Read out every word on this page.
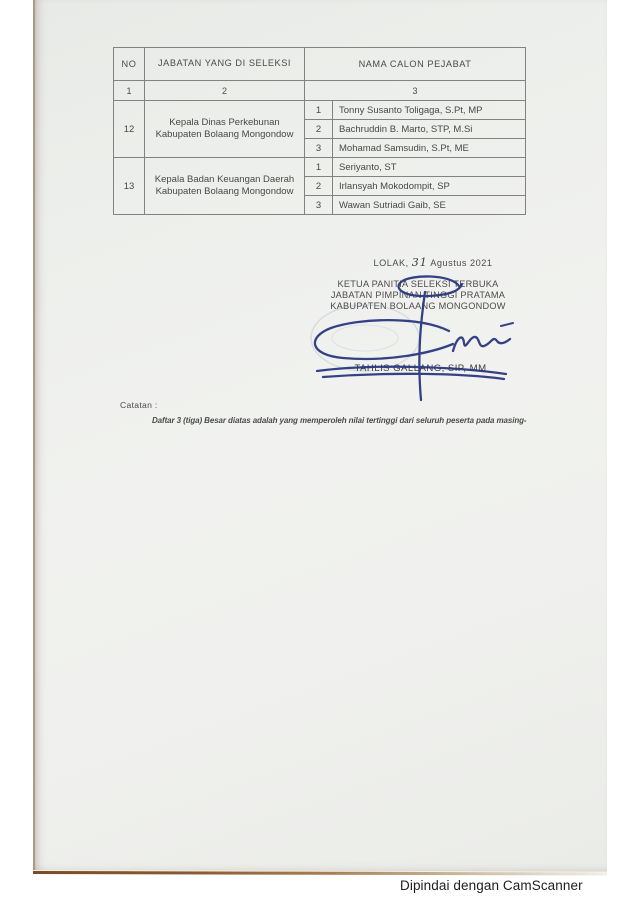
NO	JABATAN YANG DI SELEKSI	NAMA CALON PEJABAT	
1	2	3	
12	Kepala Dinas Perkebunan Kabupaten Bolaang Mongondow	1	Tonny Susanto Toligaga, S.Pt, MP
		2	Bachruddin B. Marto, STP, M.Si
		3	Mohamad Samsudin, S.Pt, ME
13	Kepala Badan Keuangan Daerah Kabupaten Bolaang Mongondow	1	Seriyanto, ST
		2	Irlansyah Mokodompit, SP
		3	Wawan Sutriadi Gaib, SE
LOLAK, 31 Agustus 2021
KETUA PANITIA SELEKSI TERBUKA
JABATAN PIMPINAN TINGGI PRATAMA
KABUPATEN BOLAANG MONGONDOW
TAHLIS GALLANG, SIP, MM
Catatan :
Daftar 3 (tiga) Besar diatas adalah yang memperoleh nilai tertinggi dari seluruh peserta pada masing-
Dipindai dengan CamScanner
